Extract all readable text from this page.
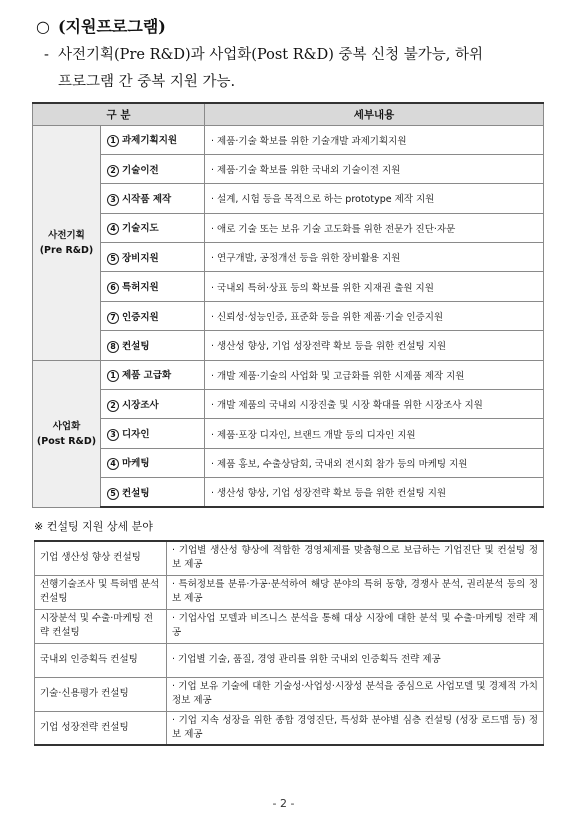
○ (지원프로그램)
- 사전기획(Pre R&D)과 사업화(Post R&D) 중복 신청 불가능, 하위
프로그램 간 중복 지원 가능.
구 분		세부내용

사전기획
(Pre R&D)	1 과제기획지원	· 제품·기술 확보를 위한 기술개발 과제기획지원
	2 기술이전	· 제품·기술 확보를 위한 국내외 기술이전 지원
	3 시작품 제작	· 설계, 시험 등을 목적으로 하는 prototype 제작 지원
	4 기술지도	· 애로 기술 또는 보유 기술 고도화를 위한 전문가 진단·자문
	5 장비지원	· 연구개발, 공정개선 등을 위한 장비활용 지원
	6 특허지원	· 국내외 특허·상표 등의 확보를 위한 지재권 출원 지원
	7 인증지원	· 신뢰성·성능인증, 표준화 등을 위한 제품·기술 인증지원
	8 컨설팅	· 생산성 향상, 기업 성장전략 확보 등을 위한 컨설팅 지원

사업화
(Post R&D)	1 제품 고급화	· 개발 제품·기술의 사업화 및 고급화를 위한 시제품 제작 지원
	2 시장조사	· 개발 제품의 국내외 시장진출 및 시장 확대를 위한 시장조사 지원
	3 디자인	· 제품·포장 디자인, 브랜드 개발 등의 디자인 지원
	4 마케팅	· 제품 홍보, 수출상담회, 국내외 전시회 참가 등의 마케팅 지원
	5 컨설팅	· 생산성 향상, 기업 성장전략 확보 등을 위한 컨설팅 지원
※ 컨설팅 지원 상세 분야
기업 생산성 향상 컨설팅	· 기업별 생산성 향상에 적합한 경영체제를 맞춤형으로 보급하는 기업진단 및 컨설팅 정보 제공
선행기술조사 및 특허맵 분석 컨설팅	· 특허정보를 분류·가공·분석하여 해당 분야의 특허 동향, 경쟁사 분석, 권리분석 등의 정보 제공
시장분석 및 수출·마케팅 전략 컨설팅	· 기업사업 모델과 비즈니스 분석을 통해 대상 시장에 대한 분석 및 수출·마케팅 전략 제공
국내외 인증획득 컨설팅	· 기업별 기술, 품질, 경영 관리를 위한 국내외 인증획득 전략 제공
기술·신용평가 컨설팅	· 기업 보유 기술에 대한 기술성·사업성·시장성 분석을 중심으로 사업모델 및 경제적 가치 정보 제공
기업 성장전략 컨설팅	· 기업 지속 성장을 위한 종합 경영진단, 특성화 분야별 심층 컨설팅 (성장 로드맵 등) 정보 제공
- 2 -
